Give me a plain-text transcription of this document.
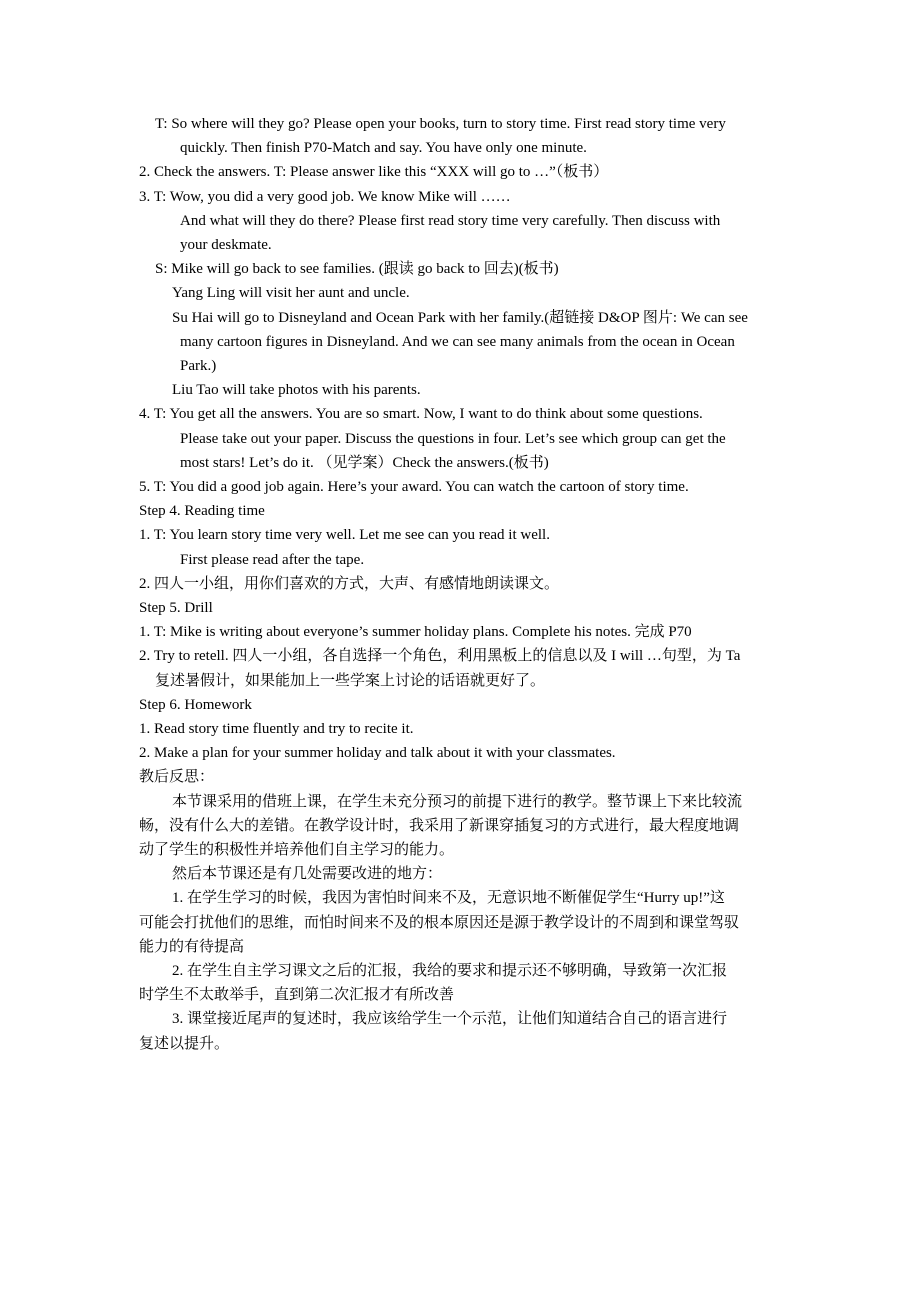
T: So where will they go? Please open your books, turn to story time. First read story time very
quickly. Then finish P70-Match and say. You have only one minute.
2. Check the answers. T: Please answer like this “XXX will go to …”（板书）
3. T: Wow, you did a very good job. We know Mike will ……
And what will they do there? Please first read story time very carefully. Then discuss with
your deskmate.
S: Mike will go back to see families. (跟读 go back to 回去)(板书)
Yang Ling will visit her aunt and uncle.
Su Hai will go to Disneyland and Ocean Park with her family.(超链接 D&OP 图片: We can see
many cartoon figures in Disneyland. And we can see many animals from the ocean in Ocean
Park.)
Liu Tao will take photos with his parents.
4. T: You get all the answers. You are so smart. Now, I want to do think about some questions.
Please take out your paper. Discuss the questions in four. Let’s see which group can get the
most stars! Let’s do it. （见学案）Check the answers.(板书)
5. T: You did a good job again. Here’s your award. You can watch the cartoon of story time.
Step 4. Reading time
1. T: You learn story time very well. Let me see can you read it well.
First please read after the tape.
2. 四人一小组，用你们喜欢的方式，大声、有感情地朗读课文。
Step 5. Drill
1. T: Mike is writing about everyone’s summer holiday plans. Complete his notes. 完成 P70
2. Try to retell. 四人一小组，各自选择一个角色，利用黑板上的信息以及 I will …句型，为 Ta
复述暑假计，如果能加上一些学案上讨论的话语就更好了。
Step 6. Homework
1. Read story time fluently and try to recite it.
2. Make a plan for your summer holiday and talk about it with your classmates.
教后反思：
本节课采用的借班上课，在学生未充分预习的前提下进行的教学。整节课上下来比较流
畅，没有什么大的差错。在教学设计时，我采用了新课穿插复习的方式进行，最大程度地调
动了学生的积极性并培养他们自主学习的能力。
然后本节课还是有几处需要改进的地方：
1. 在学生学习的时候，我因为害怕时间来不及，无意识地不断催促学生“Hurry up!”这
可能会打扰他们的思维，而怕时间来不及的根本原因还是源于教学设计的不周到和课堂驾驭
能力的有待提高
2. 在学生自主学习课文之后的汇报，我给的要求和提示还不够明确，导致第一次汇报
时学生不太敢举手，直到第二次汇报才有所改善
3. 课堂接近尾声的复述时，我应该给学生一个示范，让他们知道结合自己的语言进行
复述以提升。
